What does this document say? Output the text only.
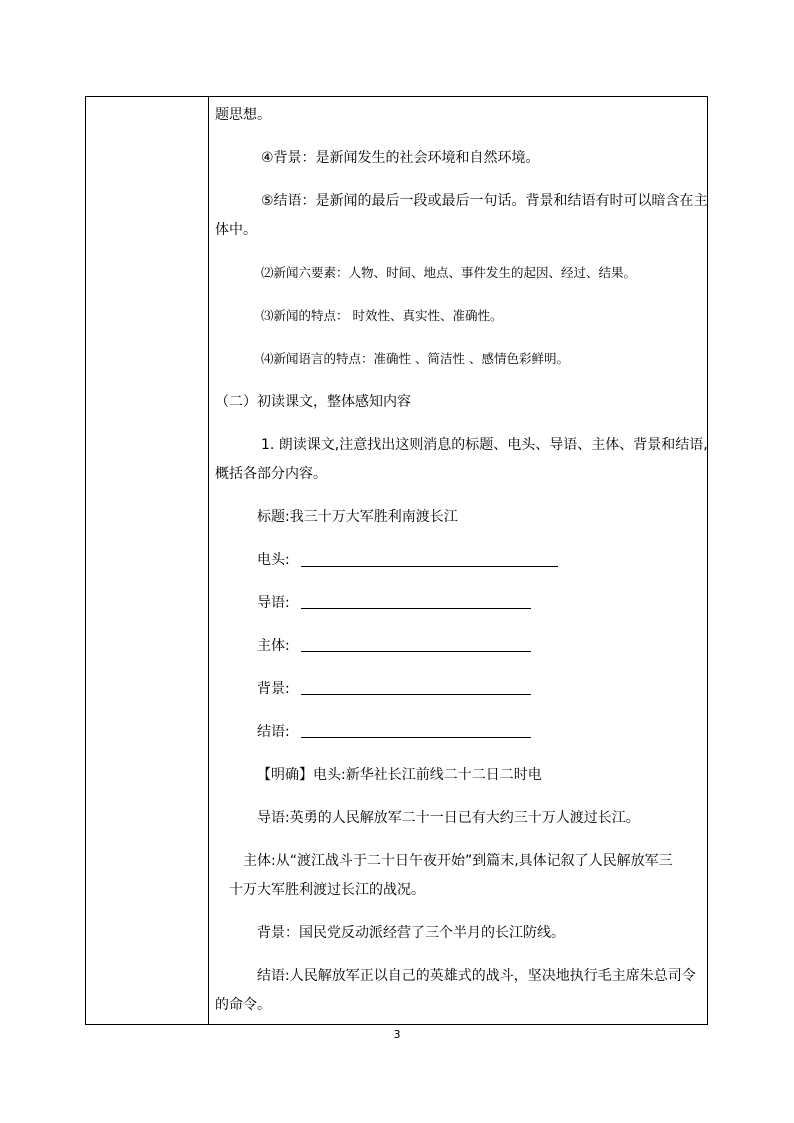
题思想。
④背景：是新闻发生的社会环境和自然环境。
⑤结语：是新闻的最后一段或最后一句话。背景和结语有时可以暗含在主
体中。
⑵新闻六要素：人物、时间、地点、事件发生的起因、经过、结果。
⑶新闻的特点： 时效性、真实性、准确性。
⑷新闻语言的特点：准确性 、简洁性 、感情色彩鲜明。
（二）初读课文，整体感知内容
1. 朗读课文,注意找出这则消息的标题、电头、导语、主体、背景和结语,
概括各部分内容。
标题:我三十万大军胜利南渡长江
电头:
导语:
主体:
背景:
结语:
【明确】电头:新华社长江前线二十二日二时电
导语:英勇的人民解放军二十一日已有大约三十万人渡过长江。
主体:从“渡江战斗于二十日午夜开始”到篇末,具体记叙了人民解放军三
十万大军胜利渡过长江的战况。
背景：国民党反动派经营了三个半月的长江防线。
结语:人民解放军正以自己的英雄式的战斗，坚决地执行毛主席朱总司令
的命令。
3
